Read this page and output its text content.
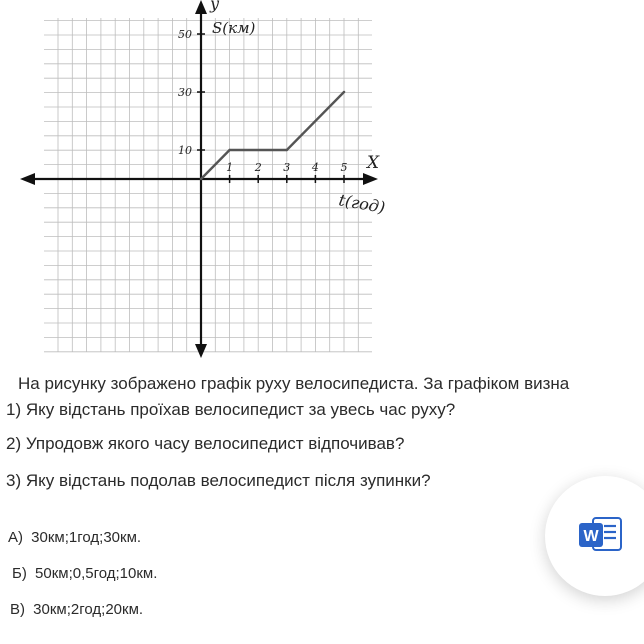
1 2 3 4 5
10
30
50
y
S(км)
X
t(год)
На рисунку зображено графік руху велосипедиста. За графіком визна
1) Яку відстань проїхав велосипедист за увесь час руху?
2) Упродовж якого часу велосипедист відпочивав?
3) Яку відстань подолав велосипедист після зупинки?
А) 30км;1год;30км.
Б) 50км;0,5год;10км.
В) 30км;2год;20км.
W
